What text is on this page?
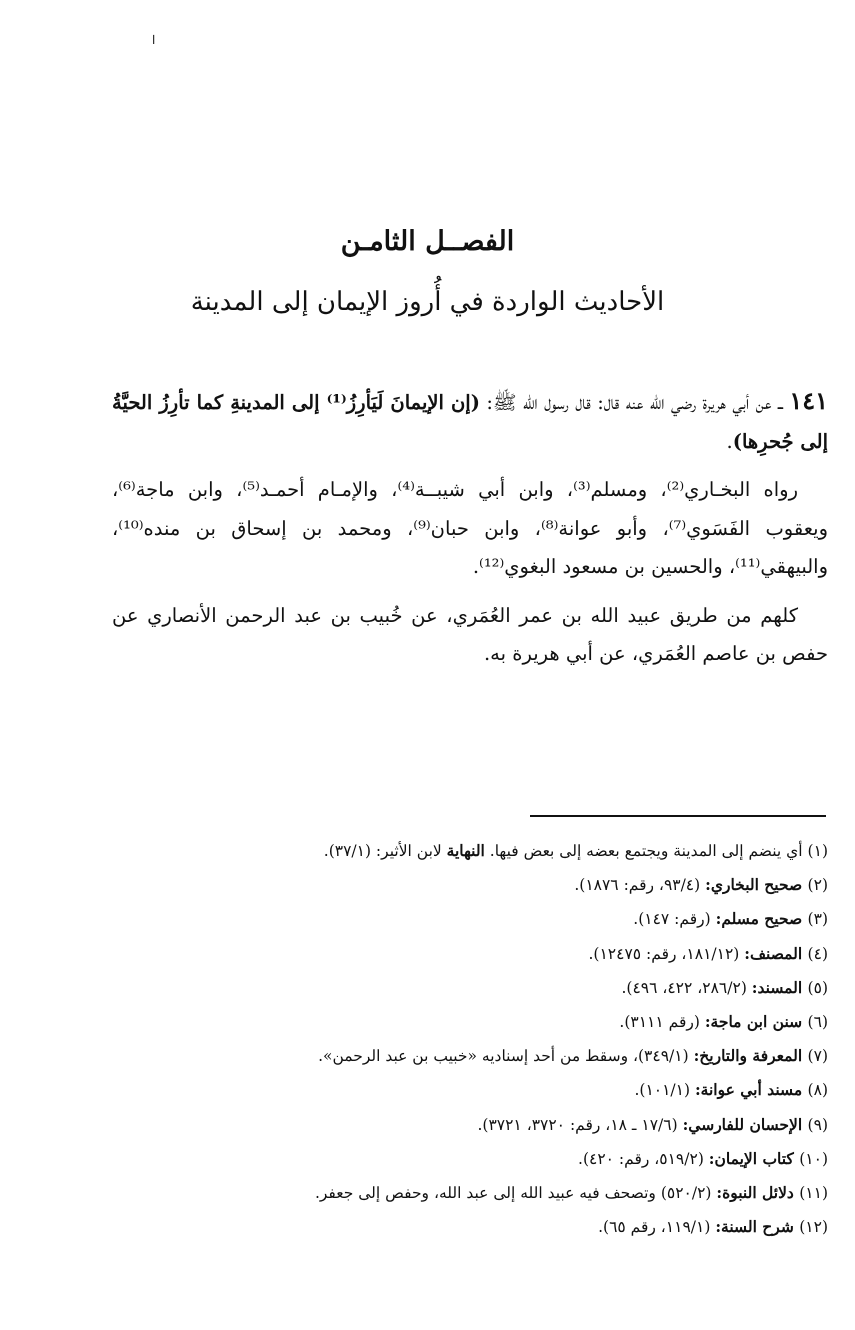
ا
الفصــل الثامـن
الأحاديث الواردة في أُروز الإيمان إلى المدينة

١٤١ ــ عن أبي هريرة رضي الله عنه قال: قال رسول الله ﷺ: (إن الإيمانَ لَيَأرِزُ⁽¹⁾ إلى المدينةِ كما تأرِزُ الحيَّةُ إلى جُحرِها).

رواه البخـاري⁽²⁾، ومسلم⁽³⁾، وابن أبي شيبــة⁽⁴⁾، والإمـام أحمـد⁽⁵⁾، وابن ماجة⁽⁶⁾، ويعقوب الفَسَوي⁽⁷⁾، وأبو عوانة⁽⁸⁾، وابن حبان⁽⁹⁾، ومحمد بن إسحاق بن منده⁽¹⁰⁾، والبيهقي⁽¹¹⁾، والحسين بن مسعود البغوي⁽¹²⁾.

كلهم من طريق عبيد الله بن عمر العُمَري، عن خُبيب بن عبد الرحمن الأنصاري عن حفص بن عاصم العُمَري، عن أبي هريرة به.

(١) أي ينضم إلى المدينة ويجتمع بعضه إلى بعض فيها. النهاية لابن الأثير: (٣٧/١).
(٢) صحيح البخاري: (٩٣/٤، رقم: ١٨٧٦).
(٣) صحيح مسلم: (رقم: ١٤٧).
(٤) المصنف: (١٨١/١٢، رقم: ١٢٤٧٥).
(٥) المسند: (٢٨٦/٢، ٤٢٢، ٤٩٦).
(٦) سنن ابن ماجة: (رقم ٣١١١).
(٧) المعرفة والتاريخ: (٣٤٩/١)، وسقط من أحد إسناديه «خبيب بن عبد الرحمن».
(٨) مسند أبي عوانة: (١٠١/١).
(٩) الإحسان للفارسي: (١٧/٦ ـ ١٨، رقم: ٣٧٢٠، ٣٧٢١).
(١٠) كتاب الإيمان: (٥١٩/٢، رقم: ٤٢٠).
(١١) دلائل النبوة: (٥٢٠/٢) وتصحف فيه عبيد الله إلى عبد الله، وحفص إلى جعفر.
(١٢) شرح السنة: (١١٩/١، رقم ٦٥).
